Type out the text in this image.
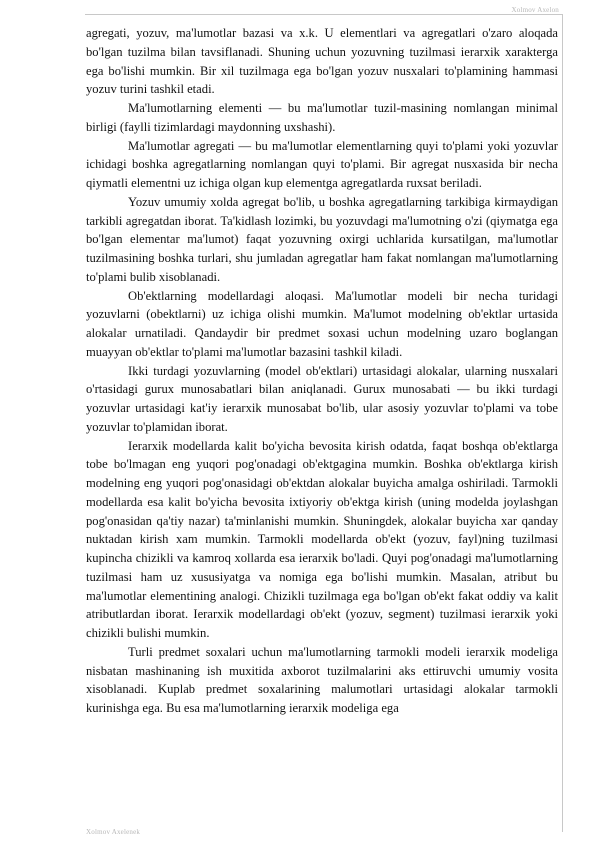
Xolmov Axelon

agregati, yozuv, ma'lumotlar bazasi va x.k. U elementlari va agregatlari o'zaro aloqada bo'lgan tuzilma bilan tavsiflanadi. Shuning uchun yozuvning tuzilmasi ierarxik xarakterga ega bo'lishi mumkin. Bir xil tuzilmaga ega bo'lgan yozuv nusxalari to'plamining hammasi yozuv turini tashkil etadi.

Ma'lumotlarning elementi — bu ma'lumotlar tuzil-masining nomlangan minimal birligi (faylli tizimlardagi maydonning uxshashi).

Ma'lumotlar agregati — bu ma'lumotlar elementlarning quyi to'plami yoki yozuvlar ichidagi boshka agregatlarning nomlangan quyi to'plami. Bir agregat nusxasida bir necha qiymatli elementni uz ichiga olgan kup elementga agregatlarda ruxsat beriladi.

Yozuv umumiy xolda agregat bo'lib, u boshka agregatlarning tarkibiga kirmaydigan tarkibli agregatdan iborat. Ta'kidlash lozimki, bu yozuvdagi ma'lumotning o'zi (qiymatga ega bo'lgan elementar ma'lumot) faqat yozuvning oxirgi uchlarida kursatilgan, ma'lumotlar tuzilmasining boshka turlari, shu jumladan agregatlar ham fakat nomlangan ma'lumotlarning to'plami bulib xisoblanadi.

Ob'ektlarning modellardagi aloqasi. Ma'lumotlar modeli bir necha turidagi yozuvlarni (obektlarni) uz ichiga olishi mumkin. Ma'lumot modelning ob'ektlar urtasida alokalar urnatiladi. Qandaydir bir predmet soxasi uchun modelning uzaro boglangan muayyan ob'ektlar to'plami ma'lumotlar bazasini tashkil kiladi.

Ikki turdagi yozuvlarning (model ob'ektlari) urtasidagi alokalar, ularning nusxalari o'rtasidagi gurux munosabatlari bilan aniqlanadi. Gurux munosabati — bu ikki turdagi yozuvlar urtasidagi kat'iy ierarxik munosabat bo'lib, ular asosiy yozuvlar to'plami va tobe yozuvlar to'plamidan iborat.

Ierarxik modellarda kalit bo'yicha bevosita kirish odatda, faqat boshqa ob'ektlarga tobe bo'lmagan eng yuqori pog'onadagi ob'ektgagina mumkin. Boshka ob'ektlarga kirish modelning eng yuqori pog'onasidagi ob'ektdan alokalar buyicha amalga oshiriladi. Tarmokli modellarda esa kalit bo'yicha bevosita ixtiyoriy ob'ektga kirish (uning modelda joylashgan pog'onasidan qa'tiy nazar) ta'minlanishi mumkin. Shuningdek, alokalar buyicha xar qanday nuktadan kirish xam mumkin. Tarmokli modellarda ob'ekt (yozuv, fayl)ning tuzilmasi kupincha chizikli va kamroq xollarda esa ierarxik bo'ladi. Quyi pog'onadagi ma'lumotlarning tuzilmasi ham uz xususiyatga va nomiga ega bo'lishi mumkin. Masalan, atribut bu ma'lumotlar elementining analogi. Chizikli tuzilmaga ega bo'lgan ob'ekt fakat oddiy va kalit atributlardan iborat. Ierarxik modellardagi ob'ekt (yozuv, segment) tuzilmasi ierarxik yoki chizikli bulishi mumkin.

Turli predmet soxalari uchun ma'lumotlarning tarmokli modeli ierarxik modeliga nisbatan mashinaning ish muxitida axborot tuzilmalarini aks ettiruvchi umumiy vosita xisoblanadi. Kuplab predmet soxalarining malumotlari urtasidagi alokalar tarmokli kurinishga ega. Bu esa ma'lumotlarning ierarxik modeliga ega

Xolmov Axelenek
